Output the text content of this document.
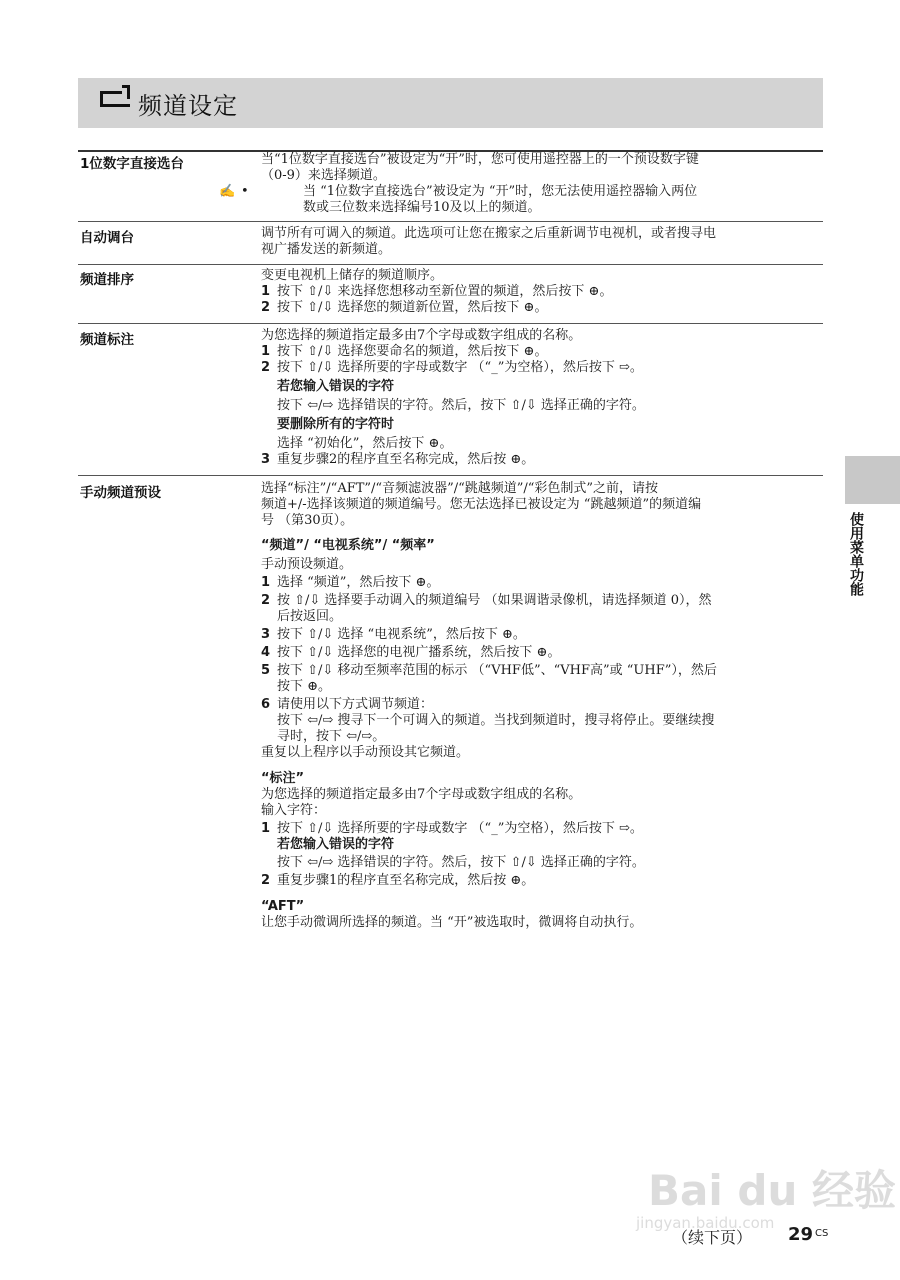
频道设定
1位数字直接选台	当“1位数字直接选台”被设定为“开”时，您可使用遥控器上的一个预设数字键

（0-9）来选择频道。

✍ •	当 “1位数字直接选台”被设定为 “开”时，您无法使用遥控器输入两位

数或三位数来选择编号10及以上的频道。

自动调台	调节所有可调入的频道。此选项可让您在搬家之后重新调节电视机，或者搜寻电

视广播发送的新频道。

频道排序	变更电视机上储存的频道顺序。

1 按下 ⇧/⇩ 来选择您想移动至新位置的频道，然后按下 ⊕。

2 按下 ⇧/⇩ 选择您的频道新位置，然后按下 ⊕。

频道标注	为您选择的频道指定最多由7个字母或数字组成的名称。

1 按下 ⇧/⇩ 选择您要命名的频道，然后按下 ⊕。

2 按下 ⇧/⇩ 选择所要的字母或数字 （“_”为空格），然后按下 ⇨。

若您输入错误的字符

按下 ⇦/⇨ 选择错误的字符。然后，按下 ⇧/⇩ 选择正确的字符。

要删除所有的字符时

选择 “初始化”，然后按下 ⊕。

3 重复步骤2的程序直至名称完成，然后按 ⊕。

手动频道预设	选择“标注”/“AFT”/“音频滤波器”/“跳越频道”/“彩色制式”之前，请按

频道+/-选择该频道的频道编号。您无法选择已被设定为 “跳越频道”的频道编

号 （第30页）。

“频道”/ “电视系统”/ “频率”

手动预设频道。

1 选择 “频道”，然后按下 ⊕。

2 按 ⇧/⇩ 选择要手动调入的频道编号 （如果调谐录像机，请选择频道 0），然

后按返回。

3 按下 ⇧/⇩ 选择 “电视系统”，然后按下 ⊕。

4 按下 ⇧/⇩ 选择您的电视广播系统，然后按下 ⊕。

5 按下 ⇧/⇩ 移动至频率范围的标示 （“VHF低”、“VHF高”或 “UHF”），然后

按下 ⊕。

6 请使用以下方式调节频道：

按下 ⇦/⇨ 搜寻下一个可调入的频道。当找到频道时，搜寻将停止。要继续搜

寻时，按下 ⇦/⇨。

重复以上程序以手动预设其它频道。

“标注”

为您选择的频道指定最多由7个字母或数字组成的名称。

输入字符：

1 按下 ⇧/⇩ 选择所要的字母或数字 （“_”为空格），然后按下 ⇨。

若您输入错误的字符

按下 ⇦/⇨ 选择错误的字符。然后，按下 ⇧/⇩ 选择正确的字符。

2 重复步骤1的程序直至名称完成，然后按 ⊕。

“AFT”

让您手动微调所选择的频道。当 “开”被选取时，微调将自动执行。

使用菜单功能
Bai du 经验
jingyan.baidu.com
（续下页） 29 CS
